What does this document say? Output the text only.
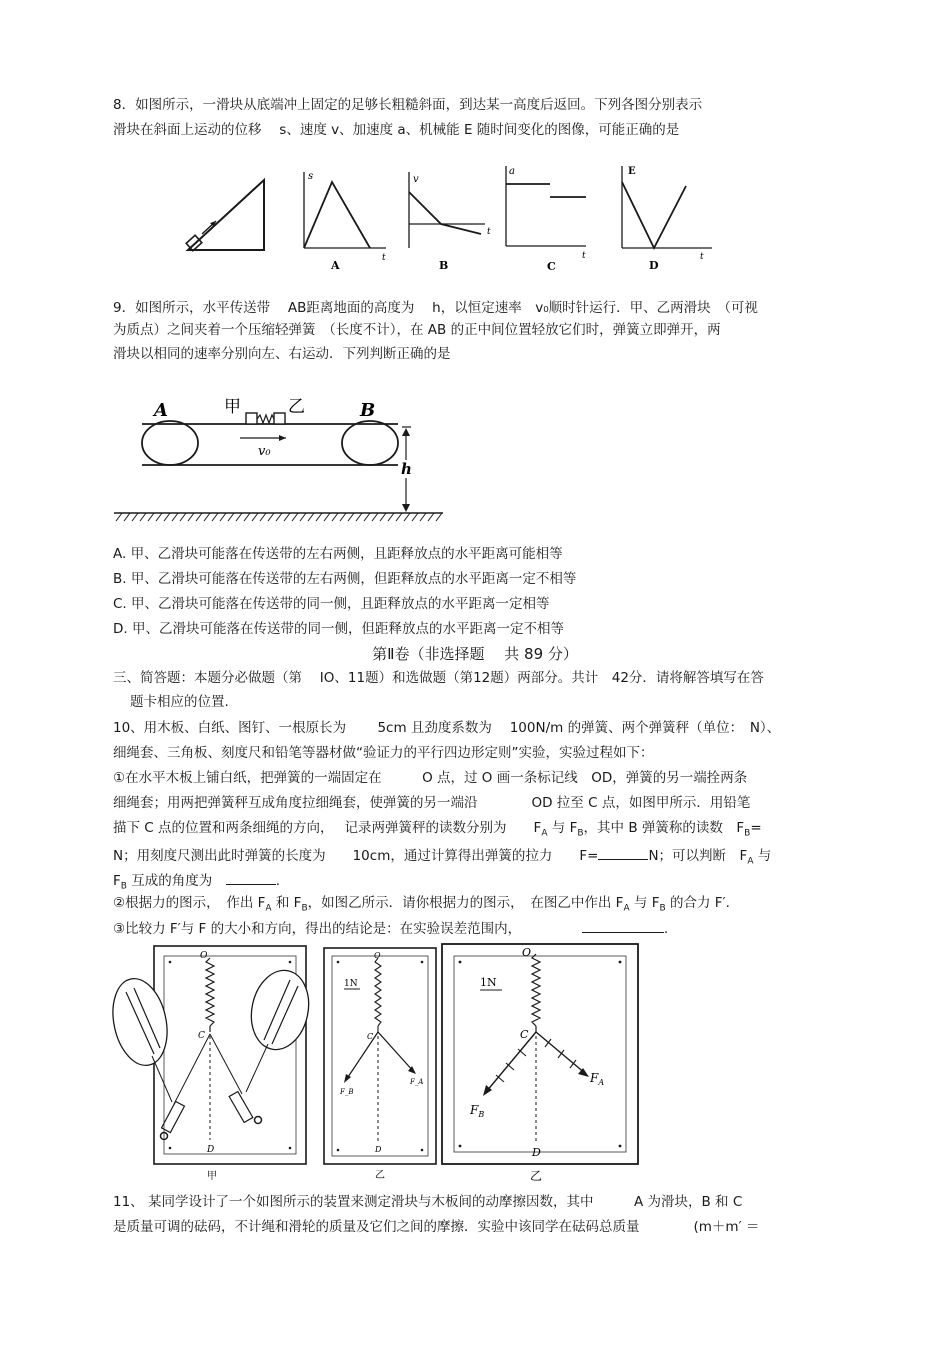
8．如图所示，一滑块从底端冲上固定的足够长粗糙斜面，到达某一高度后返回。下列各图分别表示
滑块在斜面上运动的位移　 s、速度 v、加速度 a、机械能 E 随时间变化的图像，可能正确的是
s
t
A
v
t
B
a
t
C
E
t
D
9．如图所示，水平传送带　 AB距离地面的高度为　 h，以恒定速率　v₀顺时针运行．甲、乙两滑块　（可视
为质点）之间夹着一个压缩轻弹簧　（长度不计），在 AB 的正中间位置轻放它们时，弹簧立即弹开，两
滑块以相同的速率分别向左、右运动．下列判断正确的是
A	B
甲	乙
v₀
h
A. 甲、乙滑块可能落在传送带的左右两侧，且距释放点的水平距离可能相等
B. 甲、乙滑块可能落在传送带的左右两侧，但距释放点的水平距离一定不相等
C. 甲、乙滑块可能落在传送带的同一侧，且距释放点的水平距离一定相等
D. 甲、乙滑块可能落在传送带的同一侧，但距释放点的水平距离一定不相等
第Ⅱ卷（非选择题　 共 89 分）
三、简答题：本题分必做题（第　 IO、11题）和选做题（第12题）两部分。共计　42分．请将解答填写在答
题卡相应的位置.
10、用木板、白纸、图钉、一根原长为　　 5cm 且劲度系数为　 100N/m 的弹簧、两个弹簧秤（单位：　N）、
细绳套、三角板、刻度尺和铅笔等器材做“验证力的平行四边形定则”实验，实验过程如下：
①在水平木板上铺白纸，把弹簧的一端固定在　　　O 点，过 O 画一条标记线　OD，弹簧的另一端拴两条
细绳套；用两把弹簧秤互成角度拉细绳套，使弹簧的另一端沿　　　　OD 拉至 C 点，如图甲所示．用铅笔
描下 C 点的位置和两条细绳的方向，　 记录两弹簧秤的读数分别为　　$F_A$ 与 $F_B$，其中 B 弹簧称的读数　$F_B=$
N；用刻度尺测出此时弹簧的长度为　　10cm，通过计算得出弹簧的拉力　　F=	N；可以判断　$F_A$ 与
$F_B$ 互成的角度为　	.
②根据力的图示，　作出 $F_A$ 和 $F_B$，如图乙所示．请你根据力的图示，　在图乙中作出 $F_A$ 与 $F_B$ 的合力 F′.
③比较力 F′与 F 的大小和方向，得出的结论是：在实验误差范围内，　　　　　	.
O
C
D
甲
1N
O
C
D
F_B
F_A
乙
1N
O
C
D
$F_B$
$F_A$
乙
11、 某同学设计了一个如图所示的装置来测定滑块与木板间的动摩擦因数，其中　　　A 为滑块，B 和 C
是质量可调的砝码，不计绳和滑轮的质量及它们之间的摩擦．实验中该同学在砝码总质量　　　　(m＋m′ ＝
